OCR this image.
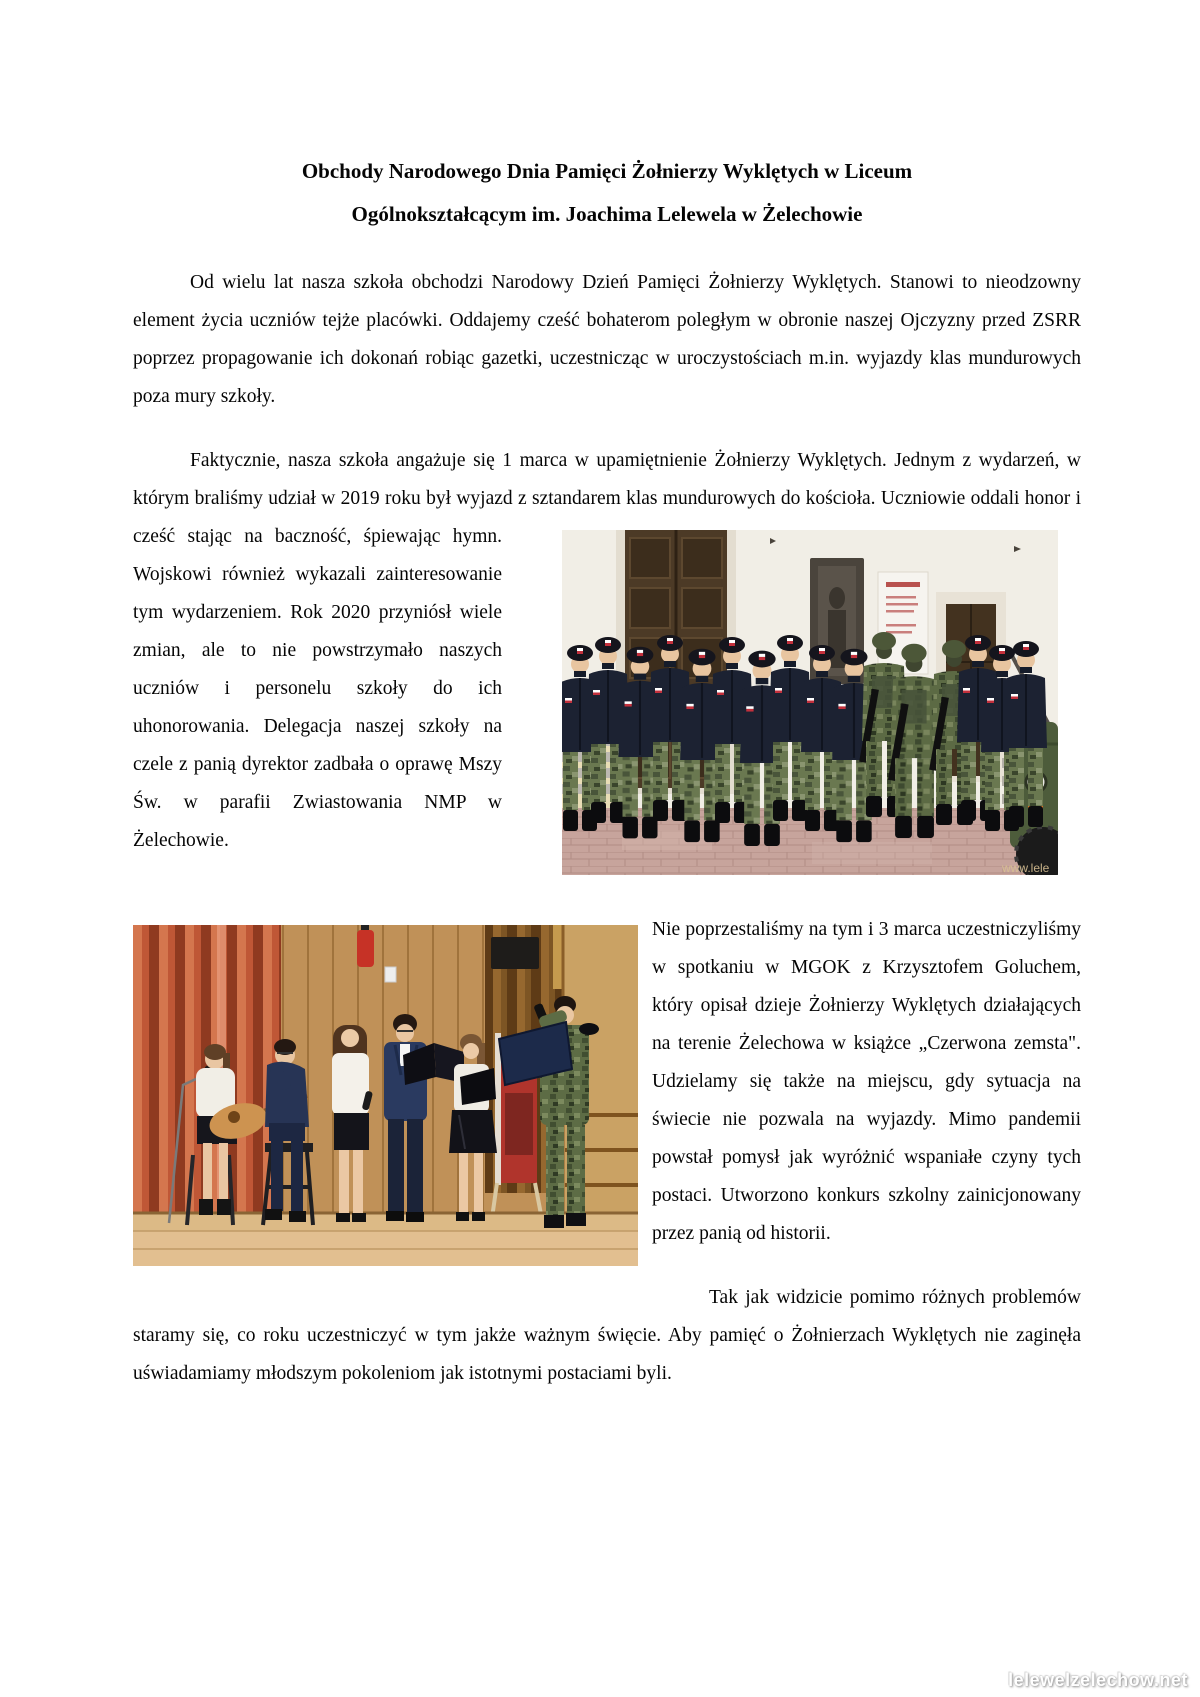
Obchody Narodowego Dnia Pamięci Żołnierzy Wyklętych w Liceum
Ogólnokształcącym im. Joachima Lelewela w Żelechowie

Od wielu lat nasza szkoła obchodzi Narodowy Dzień Pamięci Żołnierzy Wyklętych. Stanowi to nieodzowny element życia uczniów tejże placówki. Oddajemy cześć bohaterom poległym w obronie naszej Ojczyzny przed ZSRR poprzez propagowanie ich dokonań robiąc gazetki, uczestnicząc w uroczystościach m.in. wyjazdy klas mundurowych poza mury szkoły.

Faktycznie, nasza szkoła angażuje się 1 marca w upamiętnienie Żołnierzy Wyklętych. Jednym z wydarzeń, w którym braliśmy udział w 2019 roku był wyjazd
www.lele
z sztandarem klas mundurowych do kościoła. Uczniowie oddali honor i cześć stając na baczność, śpiewając hymn. Wojskowi również wykazali zainteresowanie tym wydarzeniem. Rok 2020 przyniósł wiele zmian, ale to nie powstrzymało naszych uczniów i personelu szkoły do ich uhonorowania. Delegacja naszej szkoły na czele z panią dyrektor zadbała o oprawę Mszy Św. w parafii Zwiastowania NMP w Żelechowie.

Nie poprzestaliśmy na tym i 3 marca uczestniczyliśmy w spotkaniu w MGOK z Krzysztofem Goluchem, który opisał dzieje Żołnierzy Wyklętych działających na terenie Żelechowa w książce „Czerwona zemsta". Udzielamy się także na miejscu, gdy sytuacja na świecie nie pozwala na wyjazdy. Mimo pandemii powstał pomysł jak wyróżnić wspaniałe czyny tych postaci. Utworzono konkurs szkolny zainicjonowany przez panią od historii.

Tak jak widzicie pomimo różnych problemów staramy się, co roku uczestniczyć w tym jakże ważnym święcie. Aby pamięć o Żołnierzach Wyklętych nie zaginęła uświadamiamy młodszym pokoleniom jak istotnymi postaciami byli.

lelewelzelechow.net
